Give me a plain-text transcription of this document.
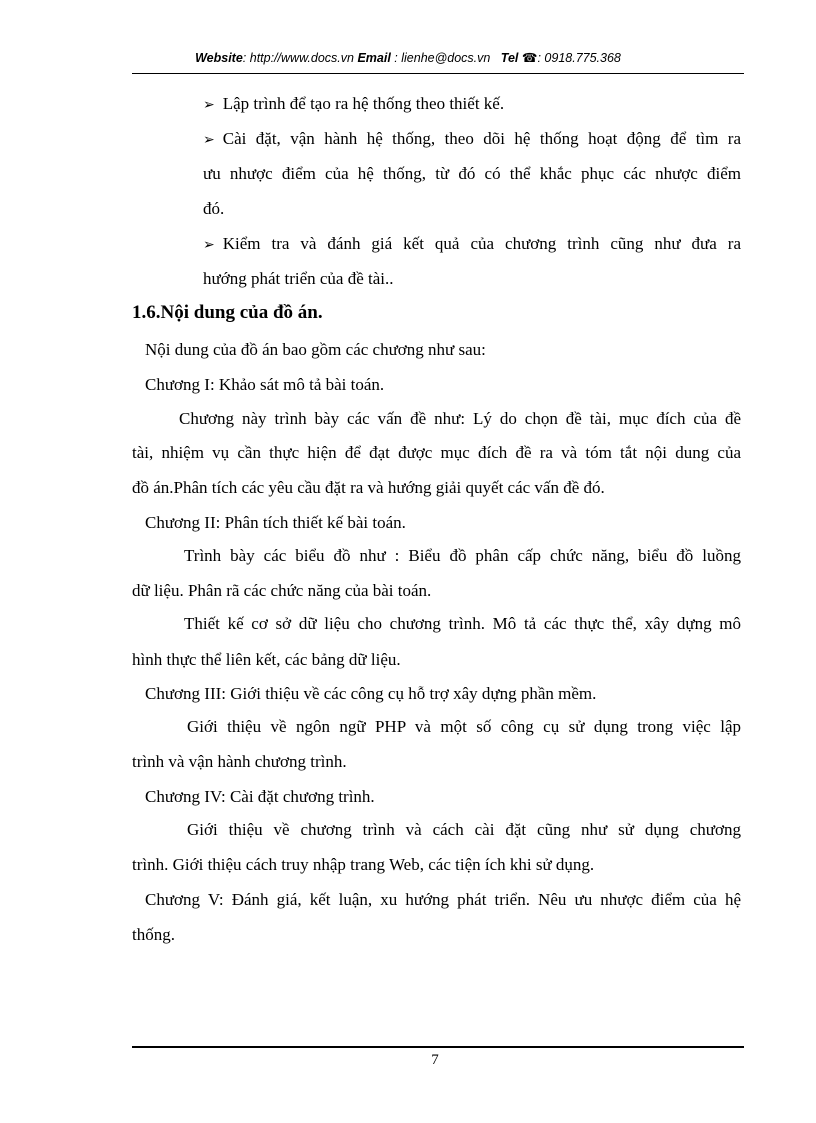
Website: http://www.docs.vn Email : lienhe@docs.vn Tel ☎: 0918.775.368
➢ Lập trình để tạo ra hệ thống theo thiết kế.
➢ Cài đặt, vận hành hệ thống, theo dõi hệ thống hoạt động để tìm ra
ưu nhược điểm của hệ thống, từ đó có thể khắc phục các nhược điểm
đó.
➢ Kiểm tra và đánh giá kết quả của chương trình cũng như đưa ra
hướng phát triển của đề tài..
1.6.Nội dung của đồ án.
Nội dung của đồ án bao gồm các chương như sau:
Chương I: Khảo sát mô tả bài toán.
Chương này trình bày các vấn đề như: Lý do chọn đề tài, mục đích của đề
tài, nhiệm vụ cần thực hiện để đạt được mục đích đề ra và tóm tắt nội dung của
đồ án.Phân tích các yêu cầu đặt ra và hướng giải quyết các vấn đề đó.
Chương II: Phân tích thiết kế bài toán.
Trình bày các biểu đồ như : Biểu đồ phân cấp chức năng, biểu đồ luồng
dữ liệu. Phân rã các chức năng của bài toán.
Thiết kế cơ sở dữ liệu cho chương trình. Mô tả các thực thể, xây dựng mô
hình thực thể liên kết, các bảng dữ liệu.
Chương III: Giới thiệu về các công cụ hỗ trợ xây dựng phần mềm.
Giới thiệu về ngôn ngữ PHP và một số công cụ sử dụng trong việc lập
trình và vận hành chương trình.
Chương IV: Cài đặt chương trình.
Giới thiệu về chương trình và cách cài đặt cũng như sử dụng chương
trình. Giới thiệu cách truy nhập trang Web, các tiện ích khi sử dụng.
Chương V: Đánh giá, kết luận, xu hướng phát triển. Nêu ưu nhược điểm của hệ
thống.
7
